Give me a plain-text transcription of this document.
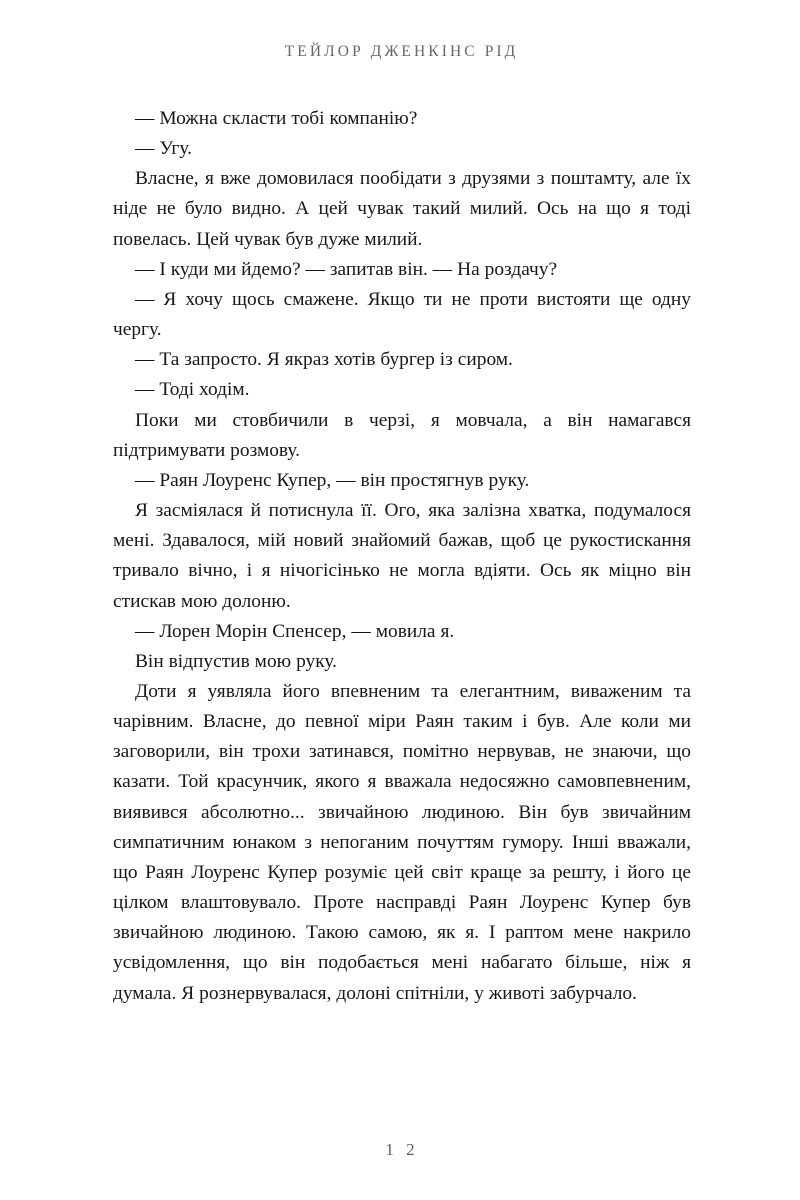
ТЕЙЛОР ДЖЕНКІНС РІД

— Можна скласти тобі компанію?

— Угу.

Власне, я вже домовилася пообідати з друзями з поштамту, але їх ніде не було видно. А цей чувак такий милий. Ось на що я тоді повелась. Цей чувак був дуже милий.

— І куди ми йдемо? — запитав він. — На роздачу?

— Я хочу щось смажене. Якщо ти не проти вистояти ще одну чергу.

— Та запросто. Я якраз хотів бургер із сиром.

— Тоді ходім.

Поки ми стовбичили в черзі, я мовчала, а він намагався підтримувати розмову.

— Раян Лоуренс Купер, — він простягнув руку.

Я засміялася й потиснула її. Ого, яка залізна хватка, подумалося мені. Здавалося, мій новий знайомий бажав, щоб це рукостискання тривало вічно, і я нічогісінько не могла вдіяти. Ось як міцно він стискав мою долоню.

— Лорен Морін Спенсер, — мовила я.

Він відпустив мою руку.

Доти я уявляла його впевненим та елегантним, виваженим та чарівним. Власне, до певної міри Раян таким і був. Але коли ми заговорили, він трохи затинався, помітно нервував, не знаючи, що казати. Той красунчик, якого я вважала недосяжно самовпевненим, виявився абсолютно... звичайною людиною. Він був звичайним симпатичним юнаком з непоганим почуттям гумору. Інші вважали, що Раян Лоуренс Купер розуміє цей світ краще за решту, і його це цілком влаштовувало. Проте насправді Раян Лоуренс Купер був звичайною людиною. Такою самою, як я. І раптом мене накрило усвідомлення, що він подобається мені набагато більше, ніж я думала. Я рознервувалася, долоні спітніли, у животі забурчало.

1 2
